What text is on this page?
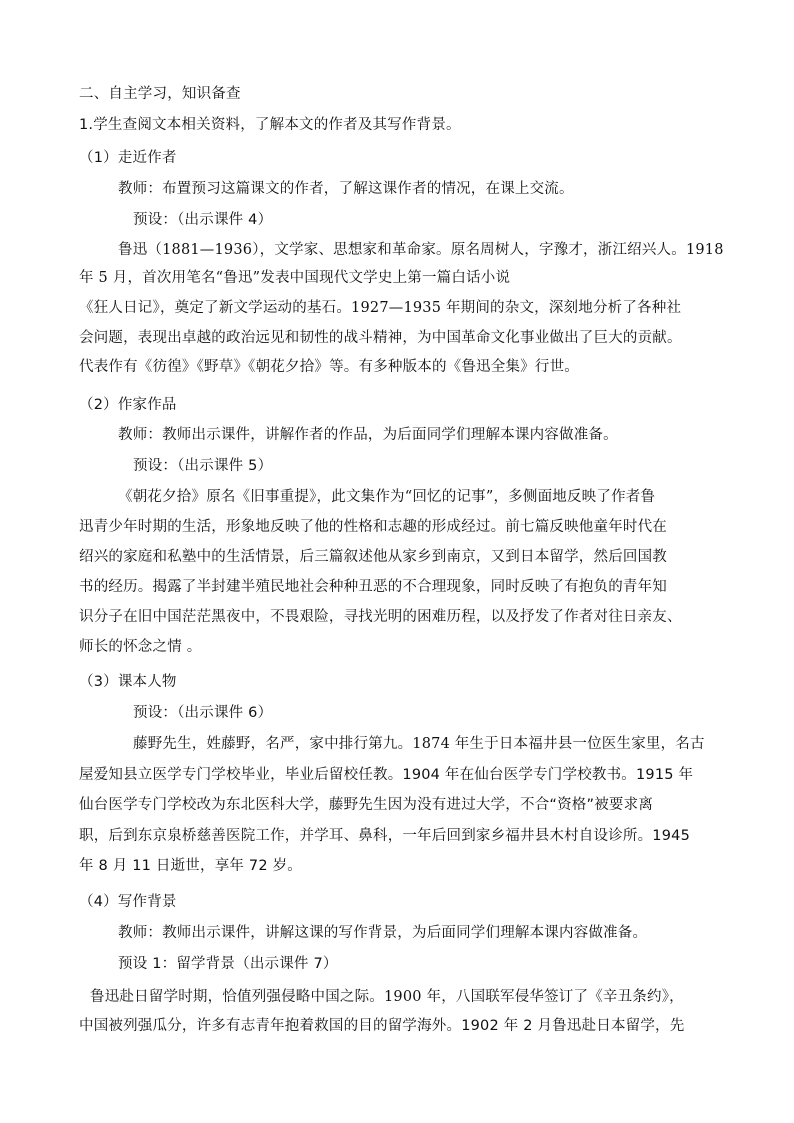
二、自主学习，知识备查
1.学生查阅文本相关资料，了解本文的作者及其写作背景。
（1）走近作者
教师：布置预习这篇课文的作者，了解这课作者的情况，在课上交流。
预设：（出示课件 4）
鲁迅（1881—1936），文学家、思想家和革命家。原名周树人，字豫才，浙江绍兴人。1918
年 5 月，首次用笔名“鲁迅”发表中国现代文学史上第一篇白话小说
《狂人日记》，奠定了新文学运动的基石。1927—1935 年期间的杂文，深刻地分析了各种社
会问题，表现出卓越的政治远见和韧性的战斗精神，为中国革命文化事业做出了巨大的贡献。
代表作有《彷徨》《野草》《朝花夕拾》等。有多种版本的《鲁迅全集》行世。
（2）作家作品
教师：教师出示课件，讲解作者的作品，为后面同学们理解本课内容做准备。
预设：（出示课件 5）
《朝花夕拾》原名《旧事重提》，此文集作为“回忆的记事”，多侧面地反映了作者鲁
迅青少年时期的生活，形象地反映了他的性格和志趣的形成经过。前七篇反映他童年时代在
绍兴的家庭和私塾中的生活情景，后三篇叙述他从家乡到南京，又到日本留学，然后回国教
书的经历。揭露了半封建半殖民地社会种种丑恶的不合理现象，同时反映了有抱负的青年知
识分子在旧中国茫茫黑夜中，不畏艰险，寻找光明的困难历程，以及抒发了作者对往日亲友、
师长的怀念之情 。
（3）课本人物
预设：（出示课件 6）
藤野先生，姓藤野，名严，家中排行第九。1874 年生于日本福井县一位医生家里，名古
屋爱知县立医学专门学校毕业，毕业后留校任教。1904 年在仙台医学专门学校教书。1915 年
仙台医学专门学校改为东北医科大学，藤野先生因为没有进过大学，不合“资格”被要求离
职，后到东京泉桥慈善医院工作，并学耳、鼻科，一年后回到家乡福井县木村自设诊所。1945
年 8 月 11 日逝世，享年 72 岁。
（4）写作背景
教师：教师出示课件，讲解这课的写作背景，为后面同学们理解本课内容做准备。
预设 1：留学背景（出示课件 7）
鲁迅赴日留学时期，恰值列强侵略中国之际。1900 年，八国联军侵华签订了《辛丑条约》，
中国被列强瓜分，许多有志青年抱着救国的目的留学海外。1902 年 2 月鲁迅赴日本留学，先
